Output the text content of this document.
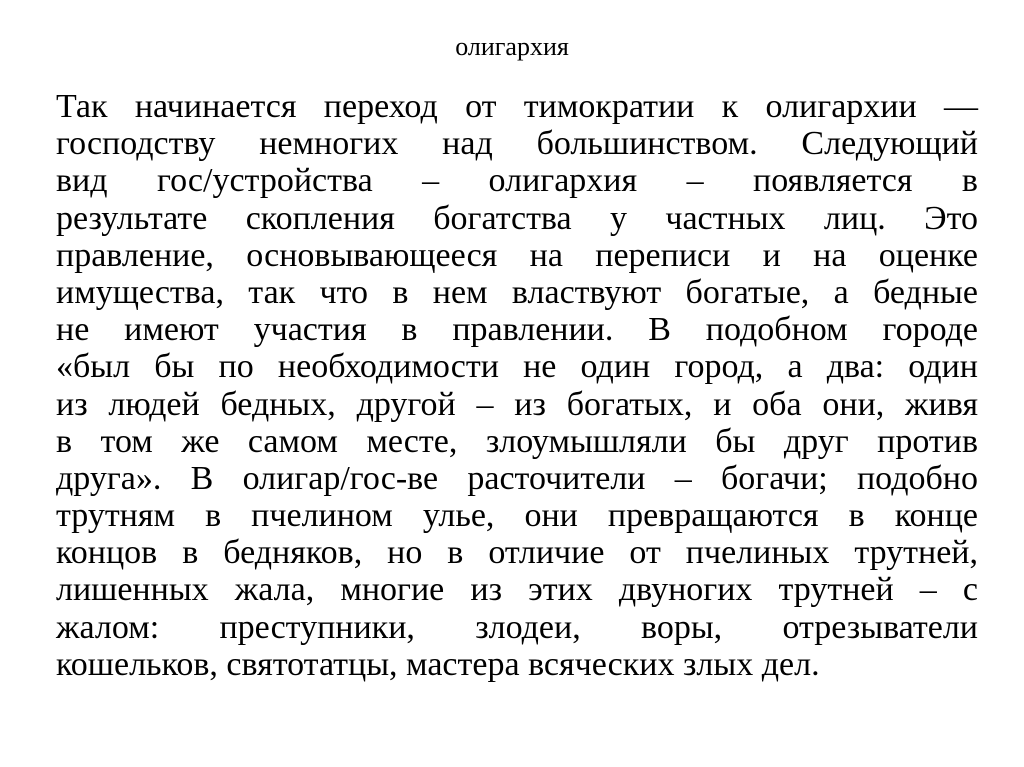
олигархия
Так начинается переход от тимократии к олигархии —
господству немногих над большинством. Следующий
вид гос/устройства – олигархия – появляется в
результате скопления богатства у частных лиц. Это
правление, основывающееся на переписи и на оценке
имущества, так что в нем властвуют богатые, а бедные
не имеют участия в правлении. В подобном городе
«был бы по необходимости не один город, а два: один
из людей бедных, другой – из богатых, и оба они, живя
в том же самом месте, злоумышляли бы друг против
друга». В олигар/гос-ве расточители – богачи; подобно
трутням в пчелином улье, они превращаются в конце
концов в бедняков, но в отличие от пчелиных трутней,
лишенных жала, многие из этих двуногих трутней – с
жалом: преступники, злодеи, воры, отрезыватели
кошельков, святотатцы, мастера всяческих злых дел.
